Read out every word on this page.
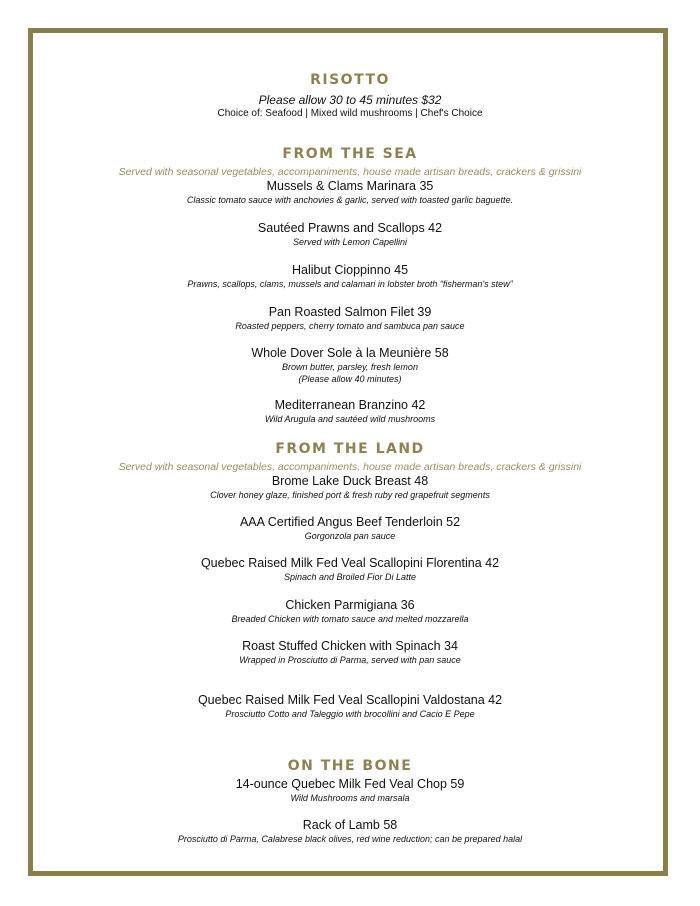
RISOTTO
Please allow 30 to 45 minutes $32
Choice of: Seafood | Mixed wild mushrooms | Chef's Choice
FROM THE SEA
Served with seasonal vegetables, accompaniments, house made artisan breads, crackers & grissini
Mussels & Clams Marinara 35
Classic tomato sauce with anchovies & garlic, served with toasted garlic baguette.
Sautéed Prawns and Scallops 42
Served with Lemon Capellini
Halibut Cioppinno 45
Prawns, scallops, clams, mussels and calamari in lobster broth “fisherman's stew”
Pan Roasted Salmon Filet 39
Roasted peppers, cherry tomato and sambuca pan sauce
Whole Dover Sole à la Meunière 58
Brown butter, parsley, fresh lemon
(Please allow 40 minutes)
Mediterranean Branzino 42
Wild Arugula and sautéed wild mushrooms
FROM THE LAND
Served with seasonal vegetables, accompaniments, house made artisan breads, crackers & grissini
Brome Lake Duck Breast 48
Clover honey glaze, finished port & fresh ruby red grapefruit segments
AAA Certified Angus Beef Tenderloin 52
Gorgonzola pan sauce
Quebec Raised Milk Fed Veal Scallopini Florentina 42
Spinach and Broiled Fior Di Latte
Chicken Parmigiana 36
Breaded Chicken with tomato sauce and melted mozzarella
Roast Stuffed Chicken with Spinach 34
Wrapped in Prosciutto di Parma, served with pan sauce
Quebec Raised Milk Fed Veal Scallopini Valdostana 42
Prosciutto Cotto and Taleggio with brocollini and Cacio E Pepe
ON THE BONE
14-ounce Quebec Milk Fed Veal Chop 59
Wild Mushrooms and marsala
Rack of Lamb 58
Prosciutto di Parma, Calabrese black olives, red wine reduction; can be prepared halal
